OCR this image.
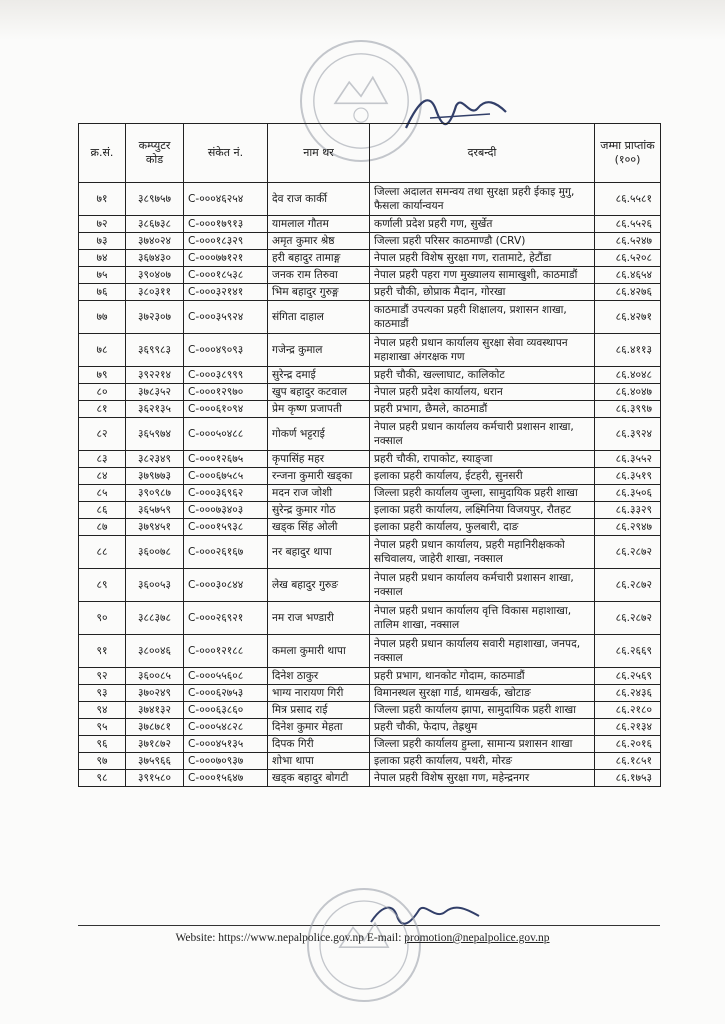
क्र.सं.	कम्प्युटर कोड	संकेत नं.	नाम थर	दरबन्दी	जम्मा प्राप्तांक (१००)
७१	३८९७५७	C-०००४६२५४	देव राज कार्की	जिल्ला अदालत समन्वय तथा सुरक्षा प्रहरी ईकाइ मुगु, फैसला कार्यान्वयन	८६.५५८१
७२	३८६७३८	C-०००१७९१३	यामलाल गौतम	कर्णाली प्रदेश प्रहरी गण, सुर्खेत	८६.५५२६
७३	३७४०२४	C-०००१८३२९	अमृत कुमार श्रेष्ठ	जिल्ला प्रहरी परिसर काठमाण्डौ (CRV)	८६.५२४७
७४	३६७४३०	C-०००७७१२१	हरी बहादुर तामाङ्ग	नेपाल प्रहरी विशेष सुरक्षा गण, रातामाटे, हेटौंडा	८६.५२०८
७५	३९०४०७	C-०००१८५३८	जनक राम तिरुवा	नेपाल प्रहरी पहरा गण मुख्यालय सामाखुशी, काठमाडौं	८६.४६५४
७६	३८०३११	C-०००३२१४१	भिम बहादुर गुरुङ्ग	प्रहरी चौकी, छोप्राक मैदान, गोरखा	८६.४२७६
७७	३७२३०७	C-०००३५९२४	संगिता दाहाल	काठमाडौं उपत्यका प्रहरी शिक्षालय, प्रशासन शाखा, काठमाडौं	८६.४२७१
७८	३६९९८३	C-०००४९०९३	गजेन्द्र कुमाल	नेपाल प्रहरी प्रधान कार्यालय सुरक्षा सेवा व्यवस्थापन महाशाखा अंगरक्षक गण	८६.४११३
७९	३९२२१४	C-०००३८९९९	सुरेन्द्र दमाई	प्रहरी चौकी, खल्लाघाट, कालिकोट	८६.४०४८
८०	३७८३५२	C-०००१२९७०	खुप बहादुर कटवाल	नेपाल प्रहरी प्रदेश कार्यालय, धरान	८६.४०४७
८१	३६२१३५	C-०००६१०९४	प्रेम कृष्ण प्रजापती	प्रहरी प्रभाग, छैमले, काठमाडौं	८६.३९९७
८२	३६५९७४	C-०००५०४८८	गोकर्ण भट्टराई	नेपाल प्रहरी प्रधान कार्यालय कर्मचारी प्रशासन शाखा, नक्साल	८६.३९२४
८३	३८२३४९	C-०००१२६७५	कृपासिंह महर	प्रहरी चौकी, रापाकोट, स्याङ्जा	८६.३५५२
८४	३७९७७३	C-०००६७५८५	रन्जना कुमारी खड्का	इलाका प्रहरी कार्यालय, ईटहरी, सुनसरी	८६.३५१९
८५	३९०९८७	C-०००३६९६२	मदन राज जोशी	जिल्ला प्रहरी कार्यालय जुम्ला, सामुदायिक प्रहरी शाखा	८६.३५०६
८६	३६५७५९	C-०००७३४०३	सुरेन्द्र कुमार गोठ	इलाका प्रहरी कार्यालय, लक्ष्मिनिया विजयपुर, रौतहट	८६.३३२९
८७	३७९४५१	C-०००१५९३८	खड्क सिंह ओली	इलाका प्रहरी कार्यालय, फुलबारी, दाङ	८६.२९४७
८८	३६००७८	C-०००२६१६७	नर बहादुर थापा	नेपाल प्रहरी प्रधान कार्यालय, प्रहरी महानिरीक्षकको सचिवालय, जाहेरी शाखा, नक्साल	८६.२८७२
८९	३६००५३	C-०००३०८४४	लेख बहादुर गुरुङ	नेपाल प्रहरी प्रधान कार्यालय कर्मचारी प्रशासन शाखा, नक्साल	८६.२८७२
९०	३८८३७८	C-०००२६९२१	नम राज भण्डारी	नेपाल प्रहरी प्रधान कार्यालय वृत्ति विकास महाशाखा, तालिम शाखा, नक्साल	८६.२८७२
९१	३८००४६	C-०००१२१८८	कमला कुमारी थापा	नेपाल प्रहरी प्रधान कार्यालय सवारी महाशाखा, जनपद, नक्साल	८६.२६६९
९२	३६००८५	C-०००५५६०८	दिनेश ठाकुर	प्रहरी प्रभाग, थानकोट गोदाम, काठमाडौं	८६.२५६९
९३	३७०२४९	C-०००६२७५३	भाग्य नारायण गिरी	विमानस्थल सुरक्षा गार्ड, थामखर्क, खोटाङ	८६.२४३६
९४	३७४१३२	C-०००६३८६०	मित्र प्रसाद राई	जिल्ला प्रहरी कार्यालय झापा, सामुदायिक प्रहरी शाखा	८६.२१८०
९५	३७८७८१	C-०००५४८२८	दिनेश कुमार मेहता	प्रहरी चौकी, फेदाप, तेह्रथुम	८६.२१३४
९६	३७१८७२	C-०००४५१३५	दिपक गिरी	जिल्ला प्रहरी कार्यालय हुम्ला, सामान्य प्रशासन शाखा	८६.२०१६
९७	३७५९६६	C-०००७०९३७	शोभा थापा	इलाका प्रहरी कार्यालय, पथरी, मोरङ	८६.१८५१
९८	३९१५८०	C-०००१५६४७	खड्क बहादुर बोगटी	नेपाल प्रहरी विशेष सुरक्षा गण, महेन्द्रनगर	८६.१७५३
Website: https://www.nepalpolice.gov.np E-mail: promotion@nepalpolice.gov.np
